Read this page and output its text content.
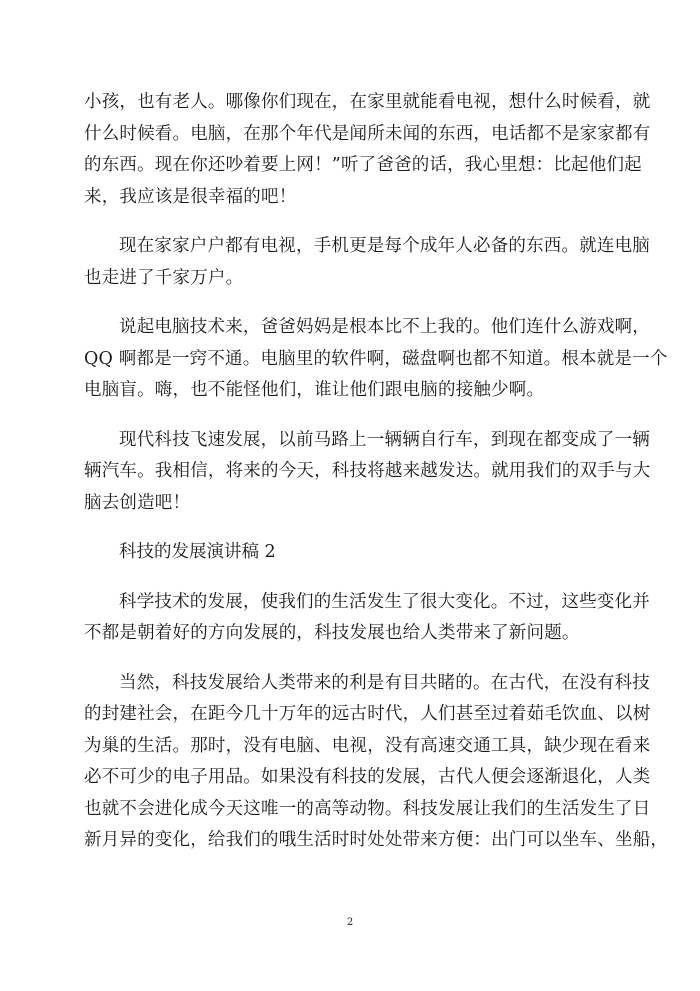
小孩，也有老人。哪像你们现在，在家里就能看电视，想什么时候看，就
什么时候看。电脑，在那个年代是闻所未闻的东西，电话都不是家家都有
的东西。现在你还吵着要上网！”听了爸爸的话，我心里想：比起他们起
来，我应该是很幸福的吧！

现在家家户户都有电视，手机更是每个成年人必备的东西。就连电脑
也走进了千家万户。

说起电脑技术来，爸爸妈妈是根本比不上我的。他们连什么游戏啊，
QQ 啊都是一窍不通。电脑里的软件啊，磁盘啊也都不知道。根本就是一个
电脑盲。嗨，也不能怪他们，谁让他们跟电脑的接触少啊。

现代科技飞速发展，以前马路上一辆辆自行车，到现在都变成了一辆
辆汽车。我相信，将来的今天，科技将越来越发达。就用我们的双手与大
脑去创造吧！

科技的发展演讲稿 2

科学技术的发展，使我们的生活发生了很大变化。不过，这些变化并
不都是朝着好的方向发展的，科技发展也给人类带来了新问题。

当然，科技发展给人类带来的利是有目共睹的。在古代，在没有科技
的封建社会，在距今几十万年的远古时代，人们甚至过着茹毛饮血、以树
为巢的生活。那时，没有电脑、电视，没有高速交通工具，缺少现在看来
必不可少的电子用品。如果没有科技的发展，古代人便会逐渐退化，人类
也就不会进化成今天这唯一的高等动物。科技发展让我们的生活发生了日
新月异的变化，给我们的哦生活时时处处带来方便：出门可以坐车、坐船，

2
